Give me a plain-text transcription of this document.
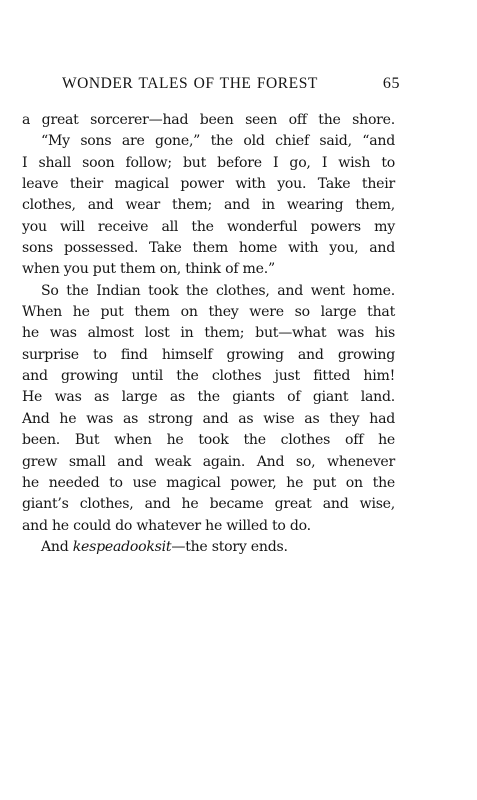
WONDER TALES OF THE FOREST	65
a great sorcerer—had been seen off the shore.
“My sons are gone,” the old chief said, “and
I shall soon follow; but before I go, I wish to
leave their magical power with you. Take their
clothes, and wear them; and in wearing them,
you will receive all the wonderful powers my
sons possessed. Take them home with you, and
when you put them on, think of me.”
So the Indian took the clothes, and went home.
When he put them on they were so large that
he was almost lost in them; but—what was his
surprise to find himself growing and growing
and growing until the clothes just fitted him!
He was as large as the giants of giant land.
And he was as strong and as wise as they had
been. But when he took the clothes off he
grew small and weak again. And so, whenever
he needed to use magical power, he put on the
giant’s clothes, and he became great and wise,
and he could do whatever he willed to do.
And kespeadooksit—the story ends.
